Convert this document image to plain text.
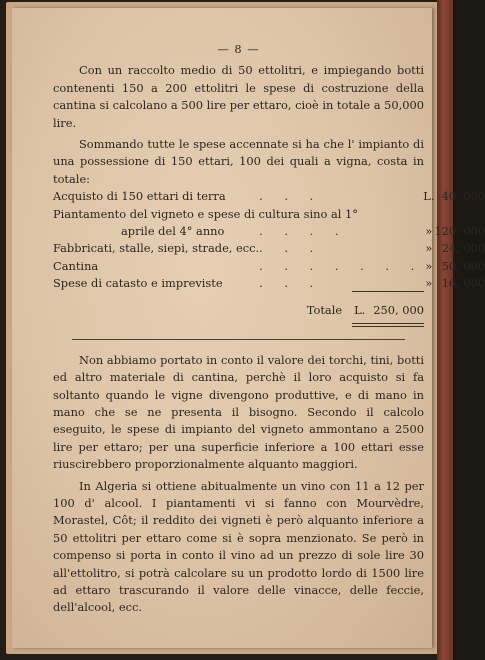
— 8 —

Con un raccolto medio di 50 ettolitri, e impiegando botti contenenti 150 a 200 ettolitri le spese di costruzione della cantina si calcolano a 500 lire per ettaro, cioè in totale a 50,000 lire.

Sommando tutte le spese accennate si ha che l' impianto di una possessione di 150 ettari, 100 dei quali a vigna, costa in totale:

Acquisto di 150 ettari di terra	. . .	L.	40, 000
Piantamento del vigneto e spese di cultura sino al 1°			
aprile del 4° anno	. . . .	»	120, 000
Fabbricati, stalle, siepi, strade, ecc.	. . .	»	24, 000
Cantina	. . . . . . .	»	50, 000
Spese di catasto e impreviste	. . .	»	16, 000
Totale L. 250, 000

Non abbiamo portato in conto il valore dei torchi, tini, botti ed altro materiale di cantina, perchè il loro acquisto si fa soltanto quando le vigne divengono produttive, e di mano in mano che se ne presenta il bisogno. Secondo il calcolo eseguito, le spese di impianto del vigneto ammontano a 2500 lire per ettaro; per una superficie inferiore a 100 ettari esse riuscirebbero proporzionalmente alquanto maggiori.

In Algeria si ottiene abitualmente un vino con 11 a 12 per 100 d' alcool. I piantamenti vi si fanno con Mourvèdre, Morastel, Côt; il reddito dei vigneti è però alquanto inferiore a 50 ettolitri per ettaro come si è sopra menzionato. Se però in compenso si porta in conto il vino ad un prezzo di sole lire 30 all'ettolitro, si potrà calcolare su un prodotto lordo di 1500 lire ad ettaro trascurando il valore delle vinacce, delle feccie, dell'alcool, ecc.
